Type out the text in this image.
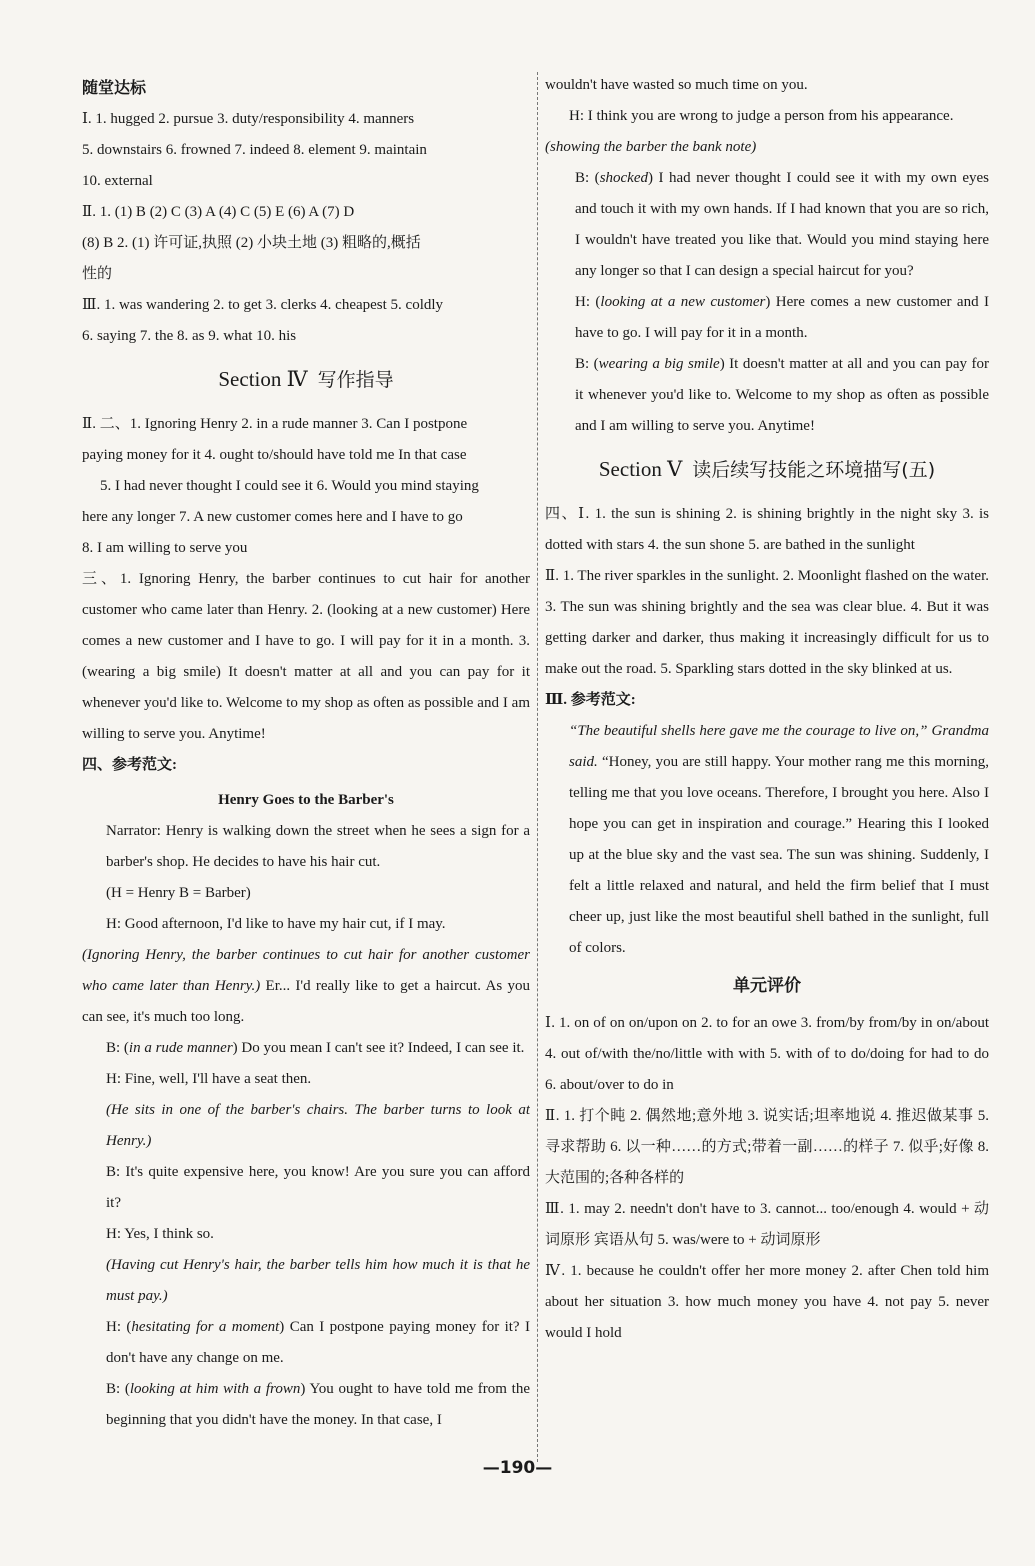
随堂达标
Ⅰ. 1. hugged 2. pursue 3. duty/responsibility 4. manners
5. downstairs 6. frowned 7. indeed 8. element 9. maintain
10. external
Ⅱ. 1. (1) B (2) C (3) A (4) C (5) E (6) A (7) D
(8) B 2. (1) 许可证,执照 (2) 小块土地 (3) 粗略的,概括
性的
Ⅲ. 1. was wandering 2. to get 3. clerks 4. cheapest 5. coldly
6. saying 7. the 8. as 9. what 10. his
Section Ⅳ 写作指导
Ⅱ. 二、1. Ignoring Henry 2. in a rude manner 3. Can I postpone
paying money for it 4. ought to/should have told me In that case
5. I had never thought I could see it 6. Would you mind staying
here any longer 7. A new customer comes here and I have to go
8. I am willing to serve you
三、1. Ignoring Henry, the barber continues to cut hair for another customer who came later than Henry. 2. (looking at a new customer) Here comes a new customer and I have to go. I will pay for it in a month. 3. (wearing a big smile) It doesn't matter at all and you can pay for it whenever you'd like to. Welcome to my shop as often as possible and I am willing to serve you. Anytime!
四、参考范文:
Henry Goes to the Barber's
Narrator: Henry is walking down the street when he sees a sign for a barber's shop. He decides to have his hair cut.
(H = Henry B = Barber)
H: Good afternoon, I'd like to have my hair cut, if I may.
(Ignoring Henry, the barber continues to cut hair for another customer who came later than Henry.) Er... I'd really like to get a haircut. As you can see, it's much too long.
B: (in a rude manner) Do you mean I can't see it? Indeed, I can see it.
H: Fine, well, I'll have a seat then.
(He sits in one of the barber's chairs. The barber turns to look at Henry.)
B: It's quite expensive here, you know! Are you sure you can afford it?
H: Yes, I think so.
(Having cut Henry's hair, the barber tells him how much it is that he must pay.)
H: (hesitating for a moment) Can I postpone paying money for it? I don't have any change on me.
B: (looking at him with a frown) You ought to have told me from the beginning that you didn't have the money. In that case, I
wouldn't have wasted so much time on you.
H: I think you are wrong to judge a person from his appearance.
(showing the barber the bank note)
B: (shocked) I had never thought I could see it with my own eyes and touch it with my own hands. If I had known that you are so rich, I wouldn't have treated you like that. Would you mind staying here any longer so that I can design a special haircut for you?
H: (looking at a new customer) Here comes a new customer and I have to go. I will pay for it in a month.
B: (wearing a big smile) It doesn't matter at all and you can pay for it whenever you'd like to. Welcome to my shop as often as possible and I am willing to serve you. Anytime!
Section Ⅴ 读后续写技能之环境描写(五)
四、Ⅰ. 1. the sun is shining 2. is shining brightly in the night sky 3. is dotted with stars 4. the sun shone 5. are bathed in the sunlight
Ⅱ. 1. The river sparkles in the sunlight. 2. Moonlight flashed on the water. 3. The sun was shining brightly and the sea was clear blue. 4. But it was getting darker and darker, thus making it increasingly difficult for us to make out the road. 5. Sparkling stars dotted in the sky blinked at us.
Ⅲ. 参考范文:
“The beautiful shells here gave me the courage to live on,” Grandma said. “Honey, you are still happy. Your mother rang me this morning, telling me that you love oceans. Therefore, I brought you here. Also I hope you can get in inspiration and courage.” Hearing this I looked up at the blue sky and the vast sea. The sun was shining. Suddenly, I felt a little relaxed and natural, and held the firm belief that I must cheer up, just like the most beautiful shell bathed in the sunlight, full of colors.
单元评价
Ⅰ. 1. on of on on/upon on 2. to for an owe 3. from/by from/by in on/about 4. out of/with the/no/little with with 5. with of to do/doing for had to do 6. about/over to do in
Ⅱ. 1. 打个盹 2. 偶然地;意外地 3. 说实话;坦率地说 4. 推迟做某事 5. 寻求帮助 6. 以一种……的方式;带着一副……的样子 7. 似乎;好像 8. 大范围的;各种各样的
Ⅲ. 1. may 2. needn't don't have to 3. cannot... too/enough 4. would + 动词原形 宾语从句 5. was/were to + 动词原形
Ⅳ. 1. because he couldn't offer her more money 2. after Chen told him about her situation 3. how much money you have 4. not pay 5. never would I hold
—190—
